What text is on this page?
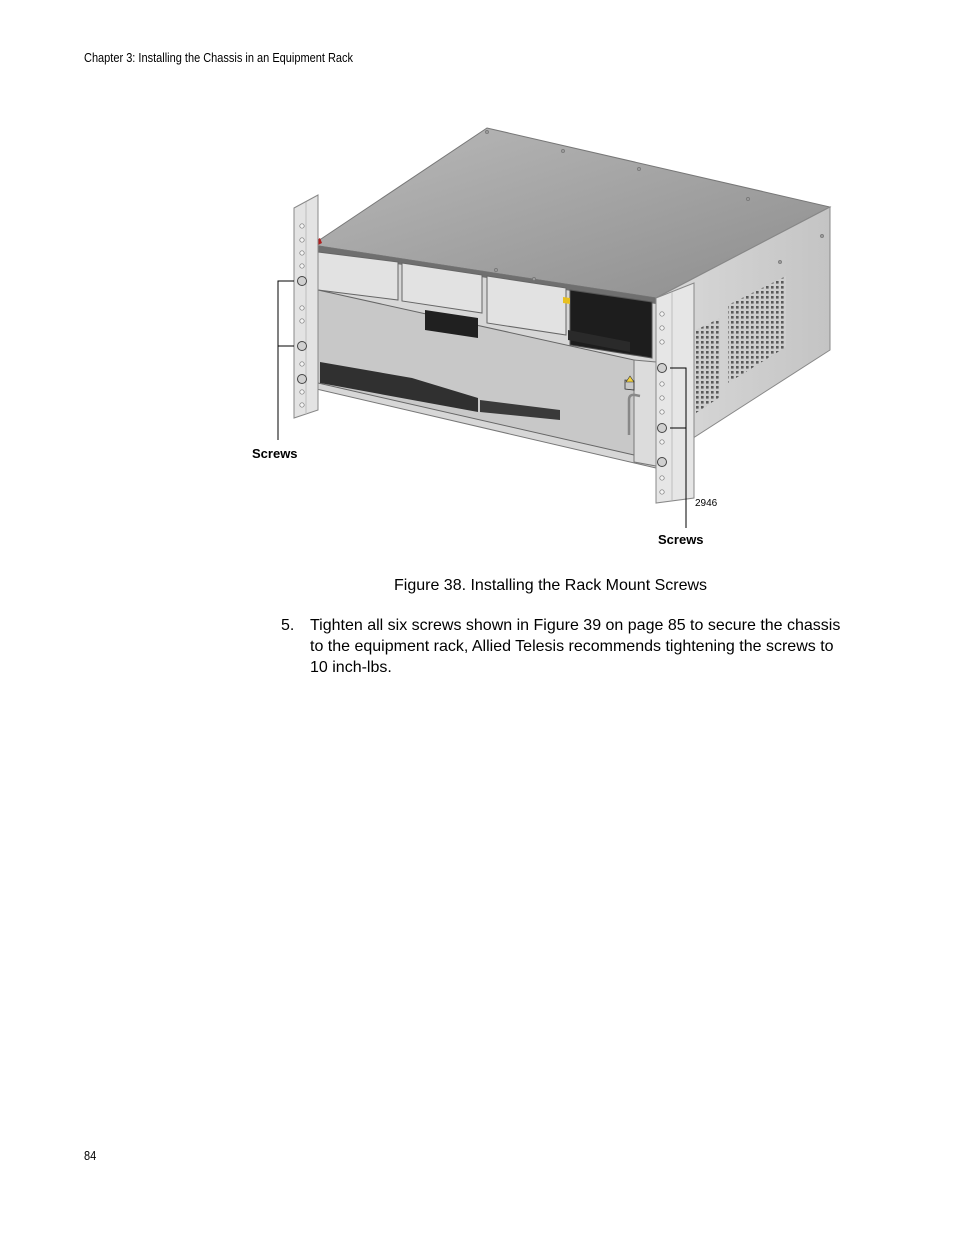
Chapter 3: Installing the Chassis in an Equipment Rack
Screws
2946
Screws
Figure 38. Installing the Rack Mount Screws
5. Tighten all six screws shown in Figure 39 on page 85 to secure the chassis to the equipment rack, Allied Telesis recommends tightening the screws to 10 inch-lbs.
84
